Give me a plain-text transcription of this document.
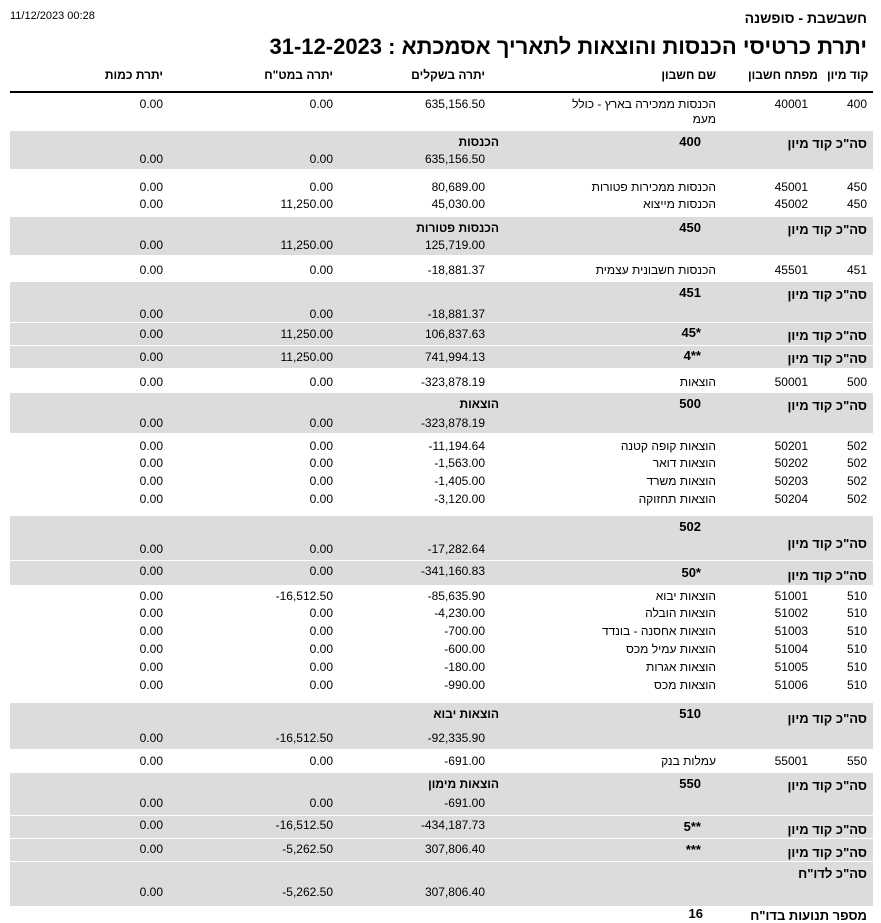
11/12/2023 00:28	חשבשבת - סופשנה
יתרת כרטיסי הכנסות והוצאות לתאריך אסמכתא : 31-12-2023
קוד מיון
מפתח חשבון
שם חשבון
יתרה בשקלים
יתרה במט"ח
יתרת כמות
400
40001
הכנסות ממכירה בארץ - כולל
מעמ
635,156.50
0.00
0.00
סה"כ קוד מיון
400
הכנסות
635,156.50
0.00
0.00
450
45001
הכנסות ממכירות פטורות
80,689.00
0.00
0.00
450
45002
הכנסות מייצוא
45,030.00
11,250.00
0.00
סה"כ קוד מיון
450
הכנסות פטורות
125,719.00
11,250.00
0.00
451
45501
הכנסות חשבונית עצמית
-18,881.37
0.00
0.00
סה"כ קוד מיון
451
-18,881.37
0.00
0.00
סה"כ קוד מיון
45*
106,837.63
11,250.00
0.00
סה"כ קוד מיון
4**
741,994.13
11,250.00
0.00
500
50001
הוצאות
-323,878.19
0.00
0.00
סה"כ קוד מיון
500
הוצאות
-323,878.19
0.00
0.00
502
50201
הוצאות קופה קטנה
-11,194.64
0.00
0.00
502
50202
הוצאות דואר
-1,563.00
0.00
0.00
502
50203
הוצאות משרד
-1,405.00
0.00
0.00
502
50204
הוצאות תחזוקה
-3,120.00
0.00
0.00
סה"כ קוד מיון
502
-17,282.64
0.00
0.00
סה"כ קוד מיון
50*
-341,160.83
0.00
0.00
510
51001
הוצאות יבוא
-85,635.90
-16,512.50
0.00
510
51002
הוצאות הובלה
-4,230.00
0.00
0.00
510
51003
הוצאות אחסנה - בונדד
-700.00
0.00
0.00
510
51004
הוצאות עמיל מכס
-600.00
0.00
0.00
510
51005
הוצאות אגרות
-180.00
0.00
0.00
510
51006
הוצאות מכס
-990.00
0.00
0.00
סה"כ קוד מיון
510
הוצאות יבוא
-92,335.90
-16,512.50
0.00
550
55001
עמלות בנק
-691.00
0.00
0.00
סה"כ קוד מיון
550
הוצאות מימון
-691.00
0.00
0.00
סה"כ קוד מיון
5**
-434,187.73
-16,512.50
0.00
סה"כ קוד מיון
***
307,806.40
-5,262.50
0.00
סה"כ לדו"ח
307,806.40
-5,262.50
0.00
מספר תנועות בדו"ח
16
